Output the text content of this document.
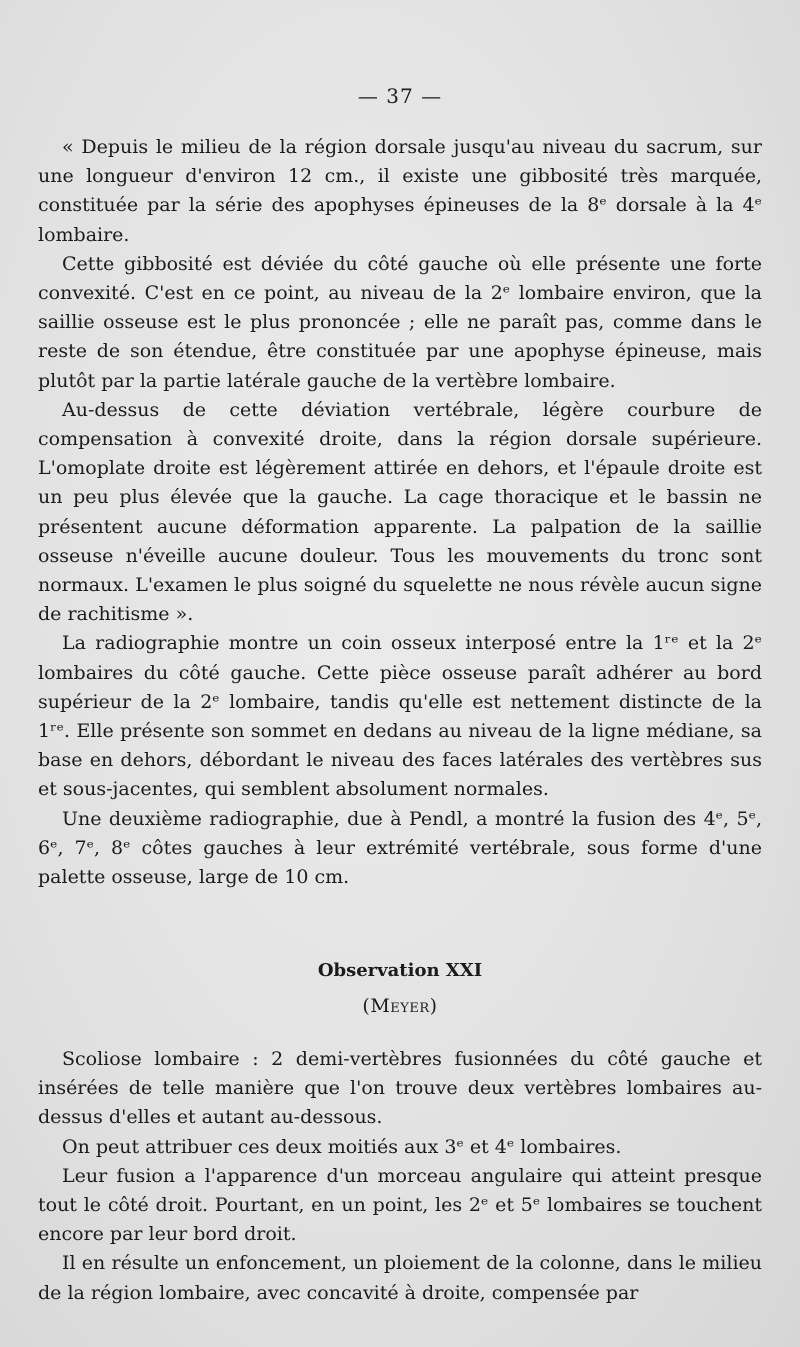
— 37 —

« Depuis le milieu de la région dorsale jusqu'au niveau du sacrum, sur une longueur d'environ 12 cm., il existe une gibbosité très marquée, constituée par la série des apophyses épineuses de la 8ᵉ dorsale à la 4ᵉ lombaire.

Cette gibbosité est déviée du côté gauche où elle présente une forte convexité. C'est en ce point, au niveau de la 2ᵉ lombaire environ, que la saillie osseuse est le plus prononcée ; elle ne paraît pas, comme dans le reste de son étendue, être constituée par une apophyse épineuse, mais plutôt par la partie latérale gauche de la vertèbre lombaire.

Au-dessus de cette déviation vertébrale, légère courbure de compensation à convexité droite, dans la région dorsale supérieure. L'omoplate droite est légèrement attirée en dehors, et l'épaule droite est un peu plus élevée que la gauche. La cage thoracique et le bassin ne présentent aucune déformation apparente. La palpation de la saillie osseuse n'éveille aucune douleur. Tous les mouvements du tronc sont normaux. L'examen le plus soigné du squelette ne nous révèle aucun signe de rachitisme ».

La radiographie montre un coin osseux interposé entre la 1ʳᵉ et la 2ᵉ lombaires du côté gauche. Cette pièce osseuse paraît adhérer au bord supérieur de la 2ᵉ lombaire, tandis qu'elle est nettement distincte de la 1ʳᵉ. Elle présente son sommet en dedans au niveau de la ligne médiane, sa base en dehors, débordant le niveau des faces latérales des vertèbres sus et sous-jacentes, qui semblent absolument normales.

Une deuxième radiographie, due à Pendl, a montré la fusion des 4ᵉ, 5ᵉ, 6ᵉ, 7ᵉ, 8ᵉ côtes gauches à leur extrémité vertébrale, sous forme d'une palette osseuse, large de 10 cm.

Observation XXI
(Meyer)

Scoliose lombaire : 2 demi-vertèbres fusionnées du côté gauche et insérées de telle manière que l'on trouve deux vertèbres lombaires au-dessus d'elles et autant au-dessous.

On peut attribuer ces deux moitiés aux 3ᵉ et 4ᵉ lombaires.

Leur fusion a l'apparence d'un morceau angulaire qui atteint presque tout le côté droit. Pourtant, en un point, les 2ᵉ et 5ᵉ lombaires se touchent encore par leur bord droit.

Il en résulte un enfoncement, un ploiement de la colonne, dans le milieu de la région lombaire, avec concavité à droite, compensée par
